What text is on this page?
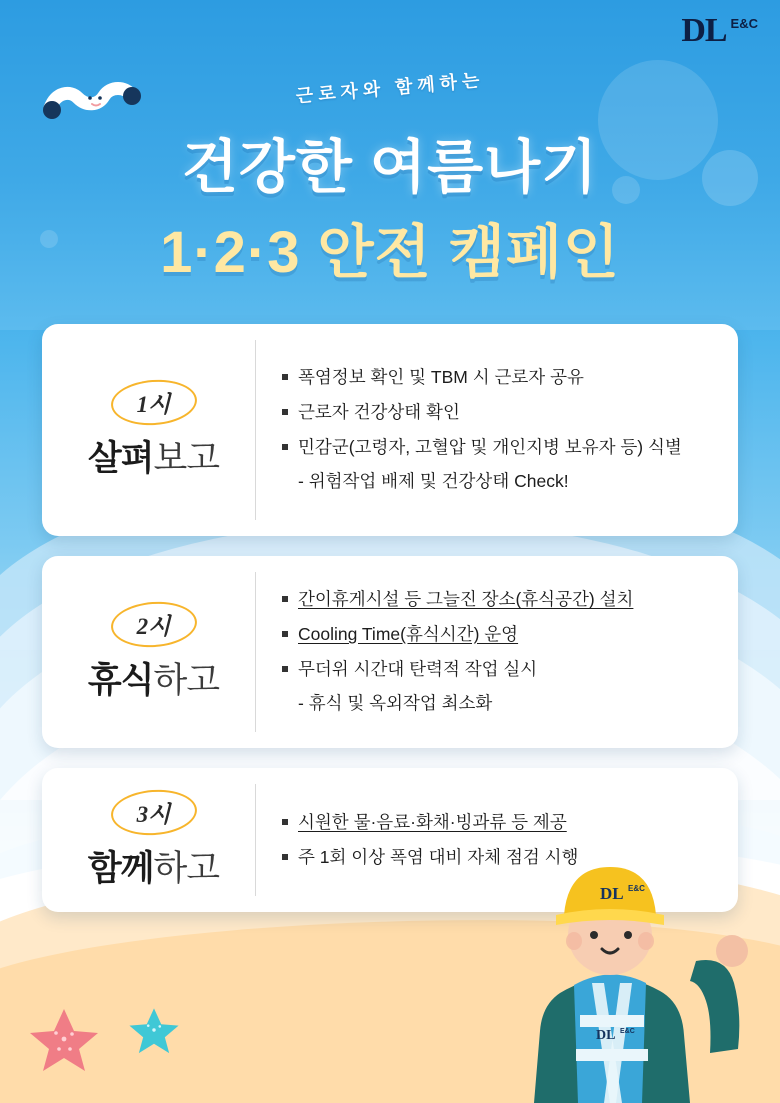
DL E&C
근로자와 함께하는
건강한 여름나기
1·2·3 안전 캠페인
1시
살펴보고
폭염정보 확인 및 TBM 시 근로자 공유
근로자 건강상태 확인
민감군(고령자, 고혈압 및 개인지병 보유자 등) 식별
- 위험작업 배제 및 건강상태 Check!
2시
휴식하고
간이휴게시설 등 그늘진 장소(휴식공간) 설치
Cooling Time(휴식시간) 운영
무더위 시간대 탄력적 작업 실시
- 휴식 및 옥외작업 최소화
3시
함께하고
시원한 물·음료·화채·빙과류 등 제공
주 1회 이상 폭염 대비 자체 점검 시행
DL E&C
DL E&C
